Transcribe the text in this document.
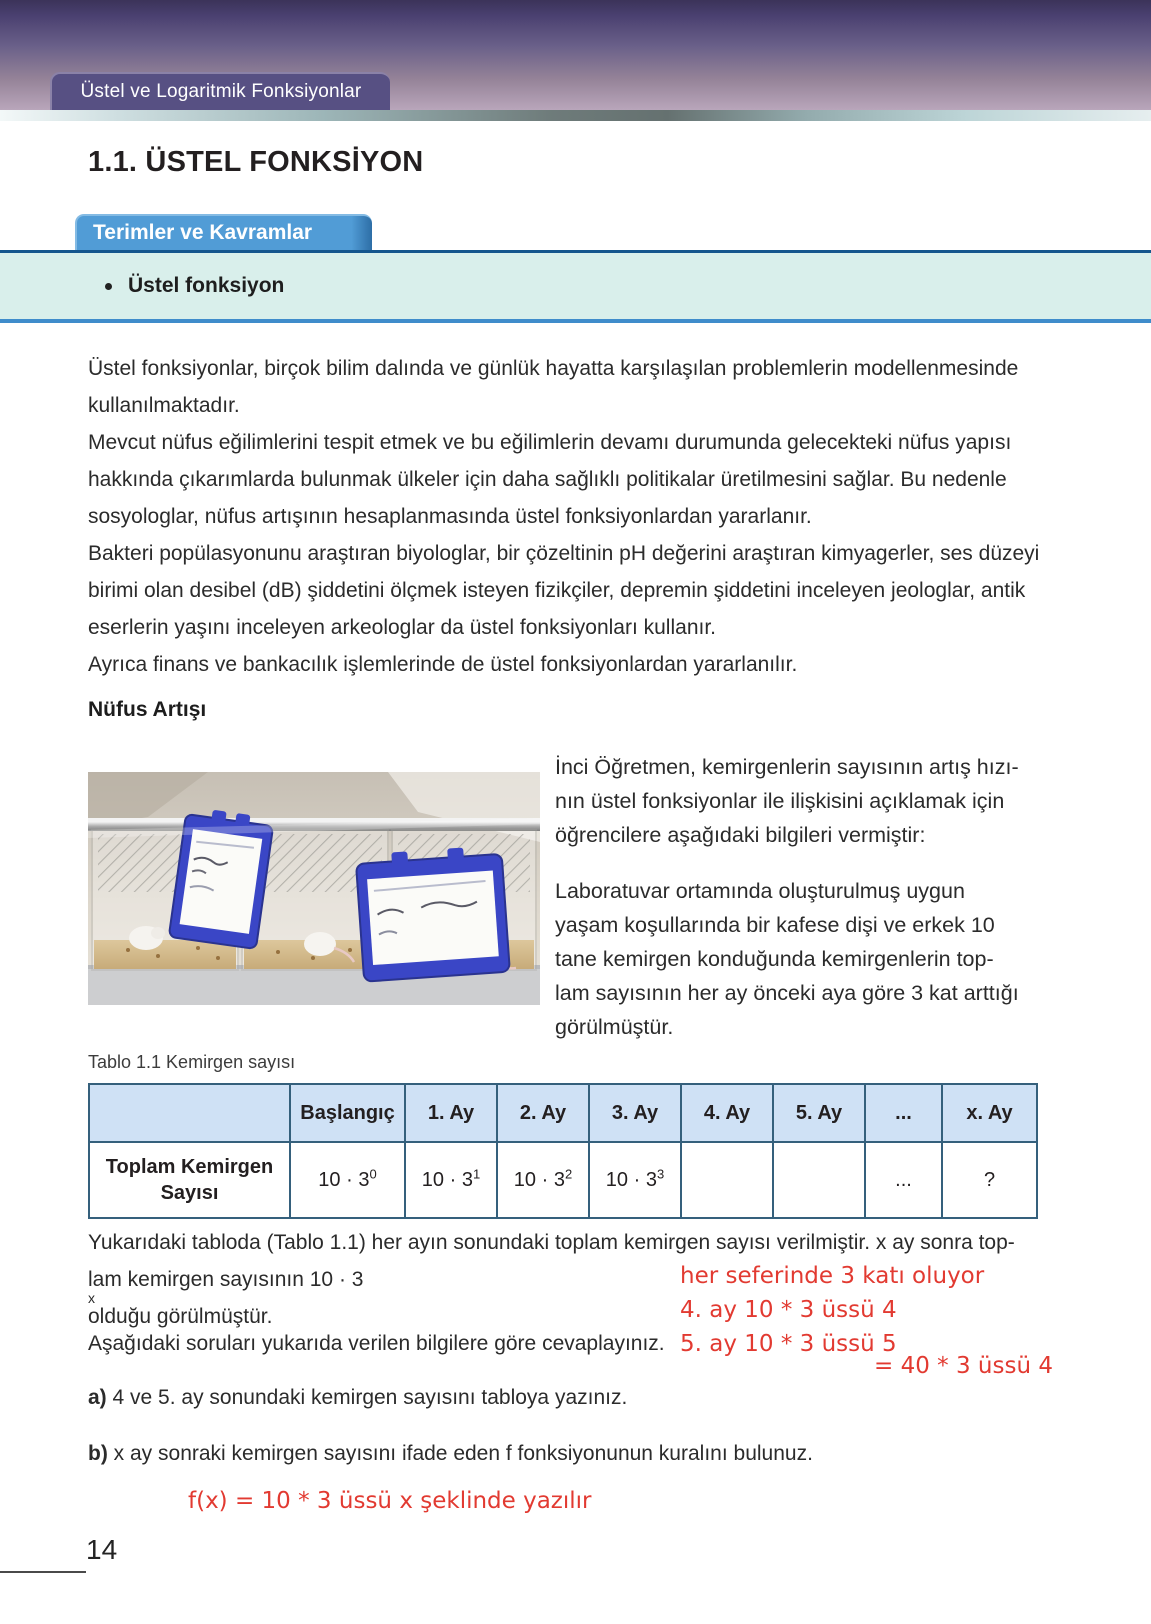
Üstel ve Logaritmik Fonksiyonlar
1.1. ÜSTEL FONKSİYON
Terimler ve Kavramlar
Üstel fonksiyon
Üstel fonksiyonlar, birçok bilim dalında ve günlük hayatta karşılaşılan problemlerin modellenmesinde
kullanılmaktadır.
Mevcut nüfus eğilimlerini tespit etmek ve bu eğilimlerin devamı durumunda gelecekteki nüfus yapısı
hakkında çıkarımlarda bulunmak ülkeler için daha sağlıklı politikalar üretilmesini sağlar. Bu nedenle
sosyologlar, nüfus artışının hesaplanmasında üstel fonksiyonlardan yararlanır.
Bakteri popülasyonunu araştıran biyologlar, bir çözeltinin pH değerini araştıran kimyagerler, ses düzeyi
birimi olan desibel (dB) şiddetini ölçmek isteyen fizikçiler, depremin şiddetini inceleyen jeologlar, antik
eserlerin yaşını inceleyen arkeologlar da üstel fonksiyonları kullanır.
Ayrıca finans ve bankacılık işlemlerinde de üstel fonksiyonlardan yararlanılır.
Nüfus Artışı
İnci Öğretmen, kemirgenlerin sayısının artış hızı-
nın üstel fonksiyonlar ile ilişkisini açıklamak için
öğrencilere aşağıdaki bilgileri vermiştir:
Laboratuvar ortamında oluşturulmuş uygun
yaşam koşullarında bir kafese dişi ve erkek 10
tane kemirgen konduğunda kemirgenlerin top-
lam sayısının her ay önceki aya göre 3 kat arttığı
görülmüştür.
Tablo 1.1 Kemirgen sayısı
	Başlangıç	1. Ay	2. Ay	3. Ay	4. Ay	5. Ay	...	x. Ay
Toplam Kemirgen Sayısı	$10 \cdot 3^0$	$10 \cdot 3^1$	$10 \cdot 3^2$	$10 \cdot 3^3$			...	?
Yukarıdaki tabloda (Tablo 1.1) her ayın sonundaki toplam kemirgen sayısı verilmiştir. x ay sonra top-
lam kemirgen sayısının 10 · 3
x
olduğu görülmüştür.
Aşağıdaki soruları yukarıda verilen bilgilere göre cevaplayınız.
a) 4 ve 5. ay sonundaki kemirgen sayısını tabloya yazınız.
b) x ay sonraki kemirgen sayısını ifade eden f fonksiyonunun kuralını bulunuz.
her seferinde 3 katı oluyor
4. ay 10 * 3 üssü 4
5. ay 10 * 3 üssü 5
= 40 * 3 üssü 4
f(x) = 10 * 3 üssü x şeklinde yazılır
14
